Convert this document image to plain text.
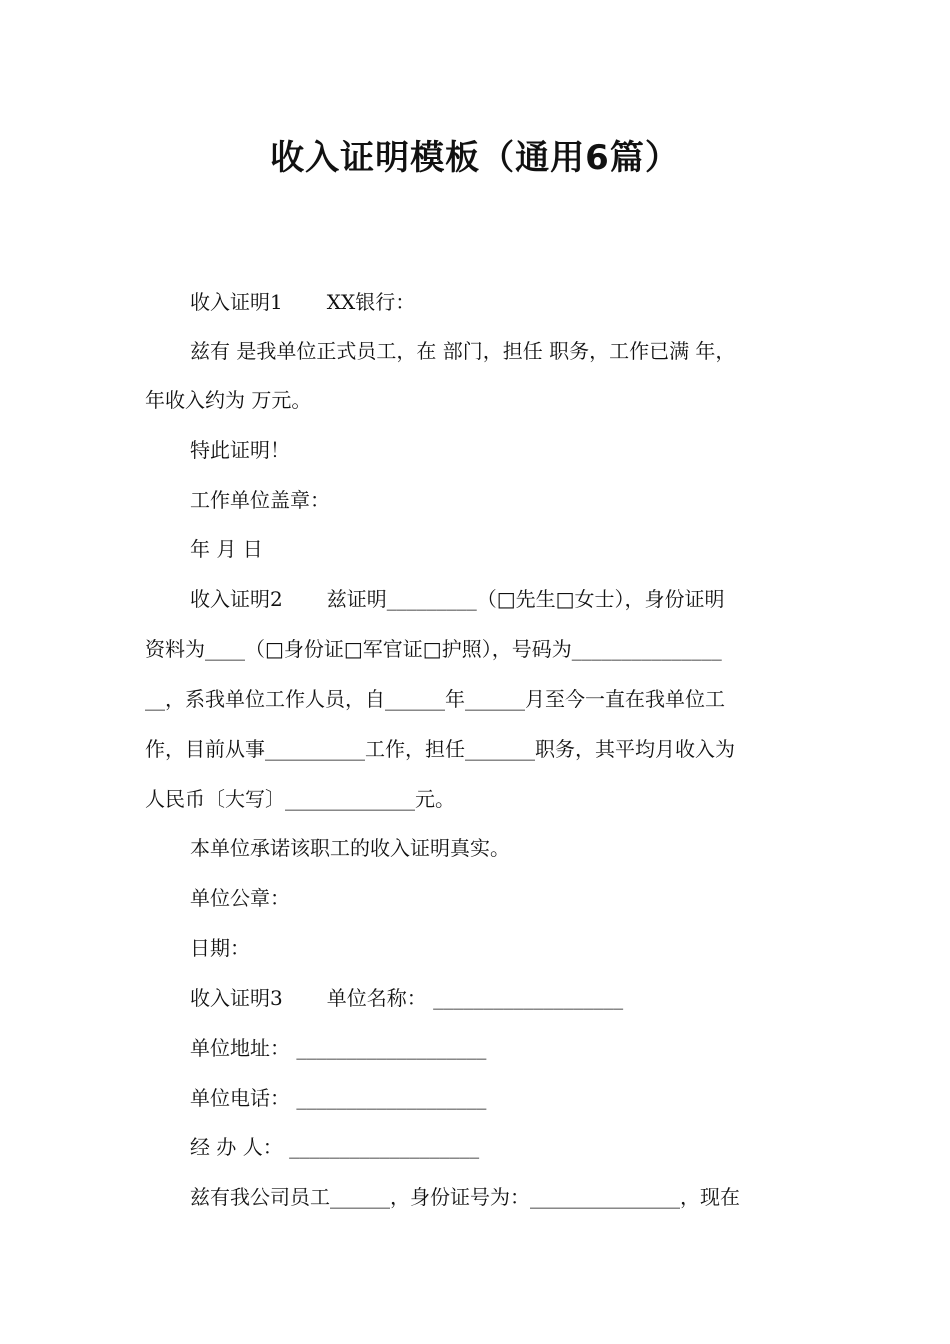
收入证明模板（通用6篇）
收入证明1 XX银行：
兹有 是我单位正式员工，在 部门，担任 职务，工作已满 年，
年收入约为 万元。
特此证明！
工作单位盖章：
年 月 日
收入证明2 兹证明_________（□先生□女士），身份证明
资料为____（□身份证□军官证□护照），号码为_______________
__，系我单位工作人员，自______年______月至今一直在我单位工
作，目前从事__________工作，担任_______职务，其平均月收入为
人民币〔大写〕_____________元。
本单位承诺该职工的收入证明真实。
单位公章：
日期：
收入证明3 单位名称： ___________________
单位地址： ___________________
单位电话： ___________________
经 办 人： ___________________
兹有我公司员工______，身份证号为：_______________，现在
